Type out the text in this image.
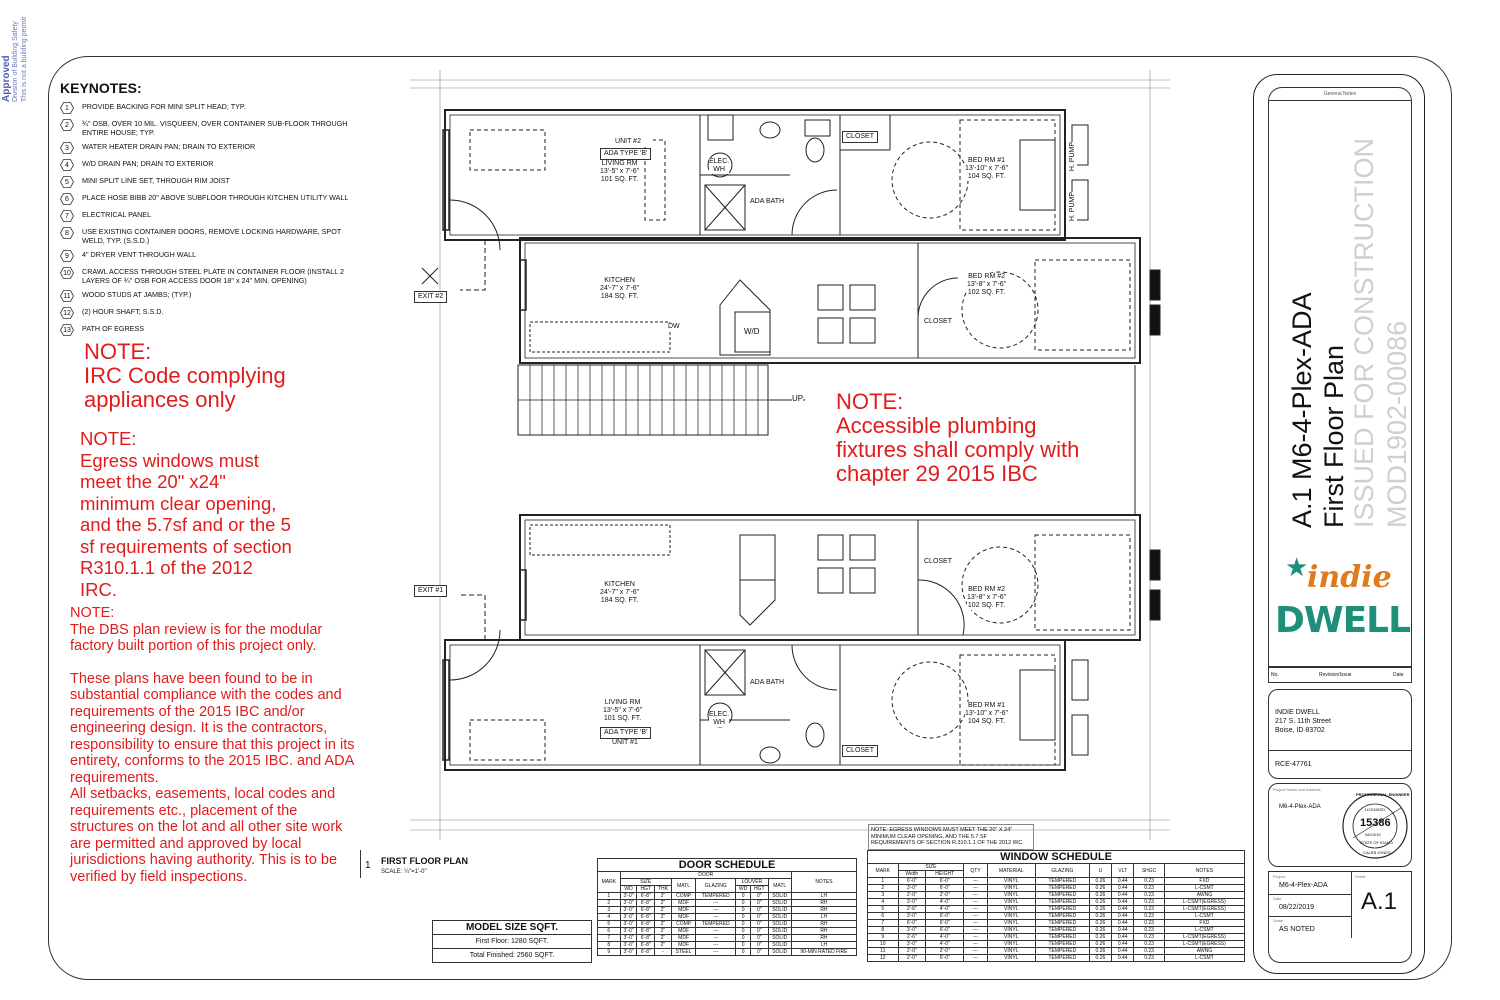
Approved
Division of Building Safety This is not a building permit KEYNOTES:
1 PROVIDE BACKING FOR MINI SPLIT HEAD; TYP.
2 ¾" OSB, OVER 10 MIL. VISQUEEN, OVER CONTAINER SUB-FLOOR THROUGH ENTIRE HOUSE; TYP.
3 WATER HEATER DRAIN PAN; DRAIN TO EXTERIOR
4 W/D DRAIN PAN; DRAIN TO EXTERIOR
5 MINI SPLIT LINE SET, THROUGH RIM JOIST
6 PLACE HOSE BIBB 20" ABOVE SUBFLOOR THROUGH KITCHEN UTILITY WALL
7 ELECTRICAL PANEL
8 USE EXISTING CONTAINER DOORS, REMOVE LOCKING HARDWARE, SPOT WELD, TYP. (S.S.D.)
9 4" DRYER VENT THROUGH WALL
10 CRAWL ACCESS THROUGH STEEL PLATE IN CONTAINER FLOOR (INSTALL 2 LAYERS OF ¾" OSB FOR ACCESS DOOR 18" x 24" MIN. OPENING)
11 WOOD STUDS AT JAMBS; (TYP.)
12 (2) HOUR SHAFT; S.S.D.
13 PATH OF EGRESS
NOTE:
IRC Code complying
appliances only
NOTE:
Egress windows must
meet the 20" x24"
minimum clear opening,
and the 5.7sf and or the 5
sf requirements of section
R310.1.1 of the 2012
IRC.
NOTE:
The DBS plan review is for the modular factory built portion of this project only.
These plans have been found to be in substantial compliance with the codes and requirements of the 2015 IBC and/or engineering design. It is the contractors, responsibility to ensure that this project in its entirety, conforms to the 2015 IBC. and ADA requirements.
All setbacks, easements, local codes and requirements etc., placement of the structures on the lot and all other site work are permitted and approved by local jurisdictions having authority. This is to be verified by field inspections.
UNIT #2
ADA TYPE 'B'
LIVING RM
13'-5" x 7'-6"
101 SQ. FT.
ELEC.
WH
ADA BATH
CLOSET
BED RM #1
13'-10" x 7'-6"
104 SQ. FT.
H. PUMP
H. PUMP
KITCHEN
24'-7" x 7'-6"
184 SQ. FT.
W/D
DW
BED RM #2
13'-8" x 7'-6"
102 SQ. FT.
CLOSET
EXIT #2
UP
KITCHEN
24'-7" x 7'-6"
184 SQ. FT.
CLOSET
BED RM #2
13'-8" x 7'-6"
102 SQ. FT.
EXIT #1
ADA BATH
LIVING RM
13'-5" x 7'-6"
101 SQ. FT.
ELEC.
WH
ADA TYPE 'B'
UNIT #1
BED RM #1
13'-10" x 7'-6"
104 SQ. FT.
CLOSET
NOTE:
Accessible plumbing
fixtures shall comply with
chapter 29 2015 IBC
NOTE: EGRESS WINDOWS MUST MEET THE 20" X 24" MINIMUM CLEAR OPENING, AND THE 5.7 SF REQUIREMENTS OF SECTION R.310.1.1 OF THE 2012 IRC.
1 FIRST FLOOR PLAN
SCALE: ¼"=1'-0"
MODEL SIZE SQFT.
First Floor: 1280 SQFT.
Total Finished: 2560 SQFT.
DOOR SCHEDULE
MARK	DOOR								NOTES
	SIZE			MATL	GLAZING	LOUVER		MATL	
	WD	HGT	THK			WD	HGT		
1	3'-0"	6'-8"	2"	COMP	TEMPERED	0	0"	SOLID	LH
2	3'-0"	6'-8"	2"	MDF	---	0	0"	SOLID	RH
3	3'-0"	6'-8"	2"	MDF	---	0	0"	SOLID	RH
4	3'-0"	6'-8"	2"	MDF	---	0	0"	SOLID	LH
5	3'-0"	6'-8"	2"	COMP	TEMPERED	0	0"	SOLID	RH
6	3'-0"	6'-8"	2"	MDF	---	0	0"	SOLID	RH
7	3'-0"	6'-8"	2"	MDF	---	0	0"	SOLID	RH
8	3'-0"	6'-8"	2"	MDF	---	0	0"	SOLID	LH
9	3'-0"	6'-8"	-	STEEL	---	0	0"	SOLID	90-MIN RATED FIRE
WINDOW SCHEDULE
MARK	SIZE		QTY	MATERIAL	GLAZING	U	VLT	SHGC	NOTES
	Width	HEIGHT							
1	6'-0"	6'-0"	---	VINYL	TEMPERED	0.26	0.44	0.23	FXD
2	3'-0"	6'-0"	---	VINYL	TEMPERED	0.26	0.44	0.23	L-CSMT
3	2'-0"	2'-0"	---	VINYL	TEMPERED	0.26	0.44	0.23	AWNG
4	3'-0"	4'-0"	---	VINYL	TEMPERED	0.26	0.44	0.23	L-CSMT(EGRESS)
5	2'-6"	4'-0"	---	VINYL	TEMPERED	0.26	0.44	0.23	L-CSMT(EGRESS)
6	3'-0"	6'-0"	---	VINYL	TEMPERED	0.26	0.44	0.23	L-CSMT
7	6'-0"	6'-0"	---	VINYL	TEMPERED	0.26	0.44	0.23	FXD
8	3'-0"	6'-0"	---	VINYL	TEMPERED	0.26	0.44	0.23	L-CSMT
9	2'-6"	4'-0"	---	VINYL	TEMPERED	0.26	0.44	0.23	L-CSMT(EGRESS)
10	3'-0"	4'-0"	---	VINYL	TEMPERED	0.26	0.44	0.23	L-CSMT(EGRESS)
11	2'-0"	2'-0"	---	VINYL	TEMPERED	0.26	0.44	0.23	AWNG
12	2'-0"	6'-0"	---	VINYL	TEMPERED	0.26	0.44	0.23	L-CSMT
General Notes
A.1 M6-4-Plex-ADA First Floor Plan ISSUED FOR CONSTRUCTION MOD1902-00086
★
indie
DWELL
No.	Revision/Issue	Date
INDIE DWELL
217 S. 11th Street
Boise, ID 83702
RCE-47761
Project Name and Address
M6-4-Plex-ADA
PROFESSIONAL ENGINEER
LICENSED
15386
08/23/19
STATE OF IDAHO
CALEB JONES
Project
M6-4-Plex-ADA
Date
08/22/2019
Scale
AS NOTED
Sheet
A.1
